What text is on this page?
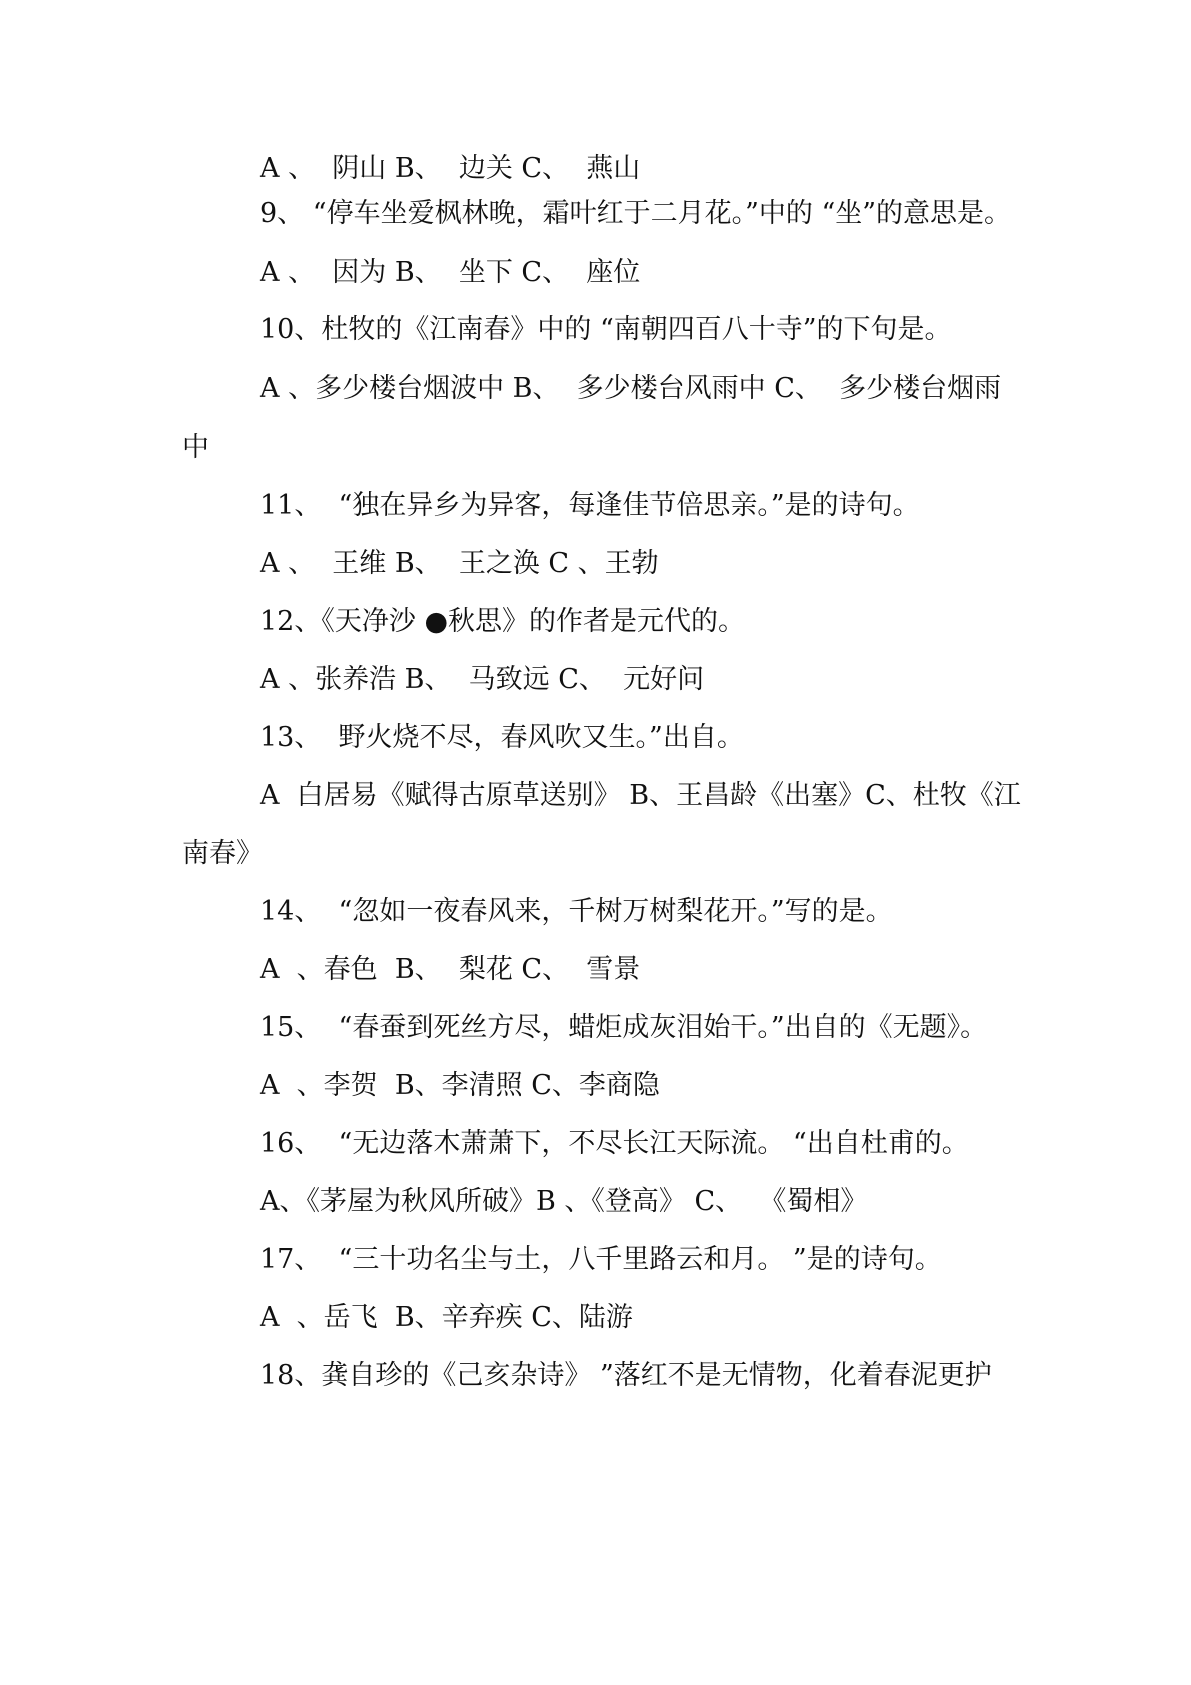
A 、  阴山 B、  边关 C、  燕山
9、 “停车坐爱枫林晚，霜叶红于二月花。”中的 “坐”的意思是。
A 、  因为 B、  坐下 C、  座位
10、杜牧的《江南春》中的 “南朝四百八十寺”的下句是。
A 、多少楼台烟波中 B、  多少楼台风雨中 C、  多少楼台烟雨
中
11、  “独在异乡为异客，每逢佳节倍思亲。”是的诗句。
A 、  王维 B、  王之涣 C 、王勃
12、《天净沙 ●秋思》的作者是元代的。
A 、张养浩 B、  马致远 C、  元好问
13、  野火烧不尽，春风吹又生。”出自。
A  白居易《赋得古原草送别》 B、王昌龄《出塞》C、杜牧《江
南春》
14、  “忽如一夜春风来，千树万树梨花开。”写的是。
A  、春色  B、  梨花 C、  雪景
15、  “春蚕到死丝方尽，蜡炬成灰泪始干。”出自的《无题》。
A  、李贺  B、李清照 C、李商隐
16、  “无边落木萧萧下，不尽长江天际流。 “出自杜甫的。
A、《茅屋为秋风所破》B 、《登高》 C、  《蜀相》
17、  “三十功名尘与土，八千里路云和月。 ”是的诗句。
A  、岳飞  B、辛弃疾 C、陆游
18、龚自珍的《己亥杂诗》 ”落红不是无情物，化着春泥更护
